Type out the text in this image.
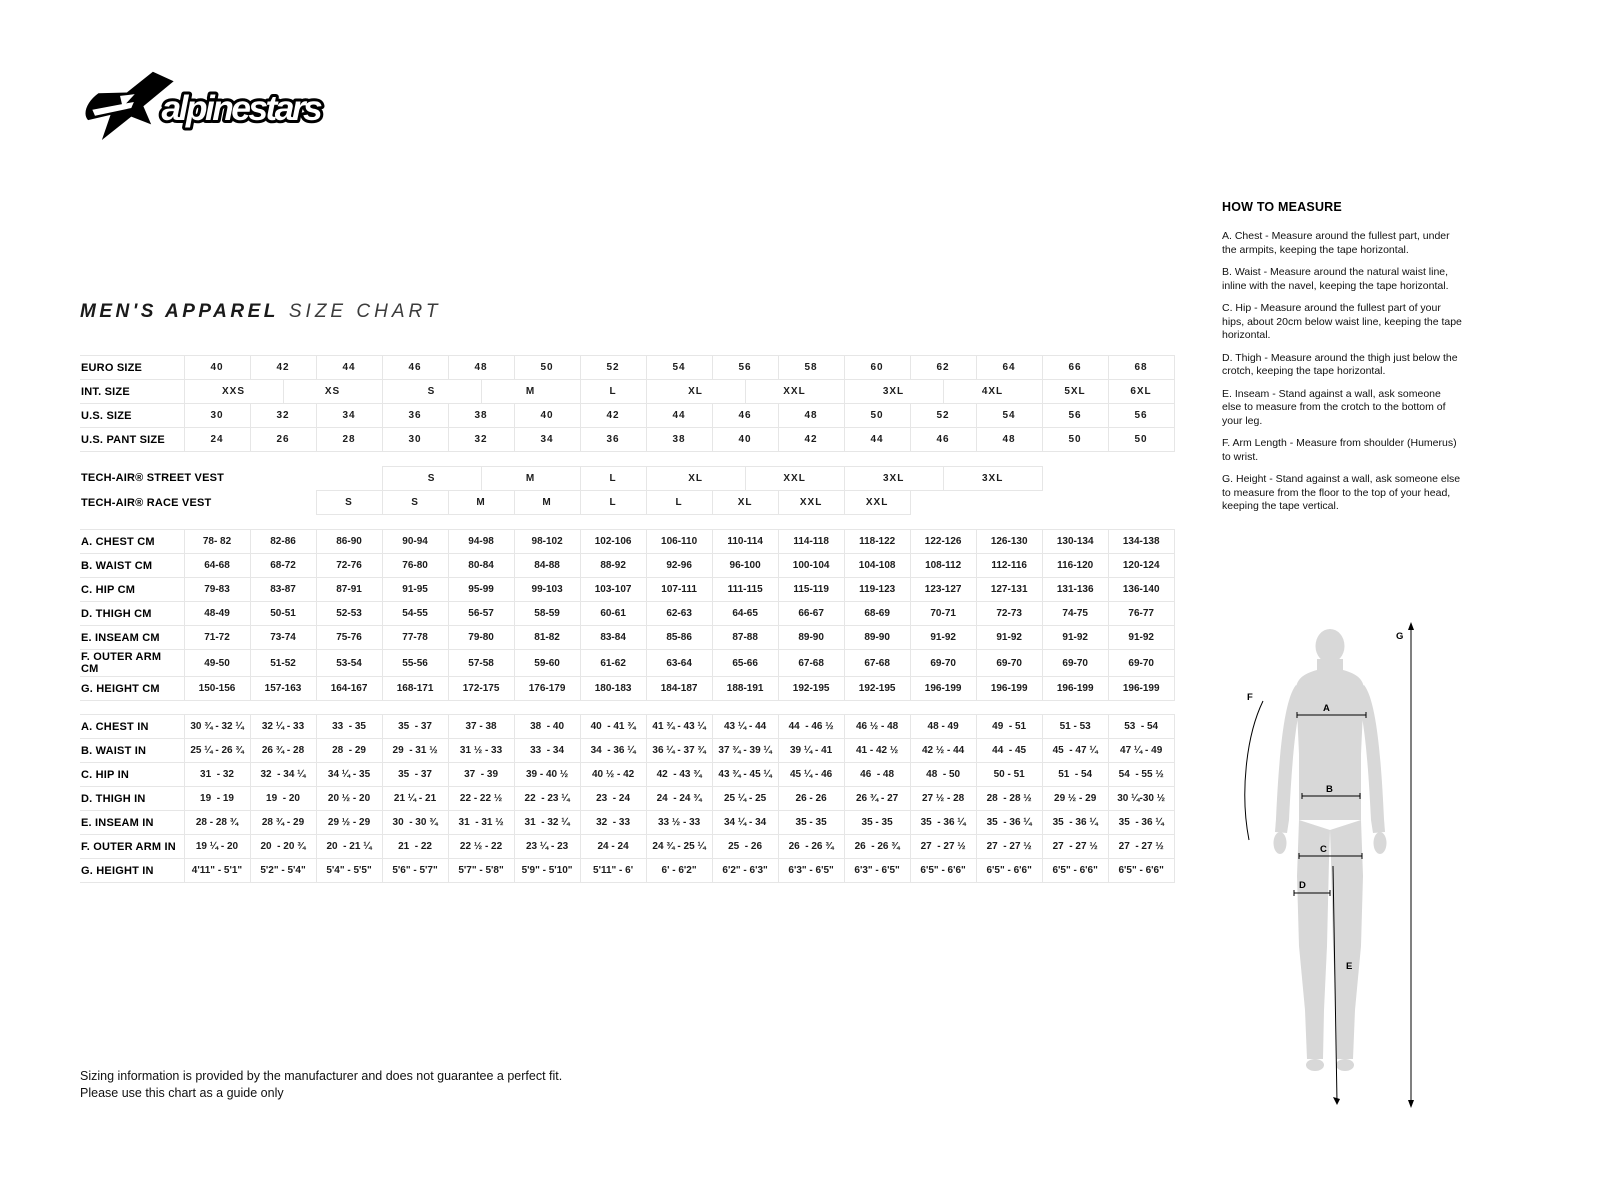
alpinestars
MEN'S APPAREL SIZE CHART
EURO SIZE	40	42		44	46	48		50	52	54	56		58	60	62		64	66	68
INT. SIZE	XXS		XS		S		M		L	XL		XXL		3XL		4XL		5XL	6XL
U.S. SIZE	30	32		34	36	38		40	42	44	46		48	50	52		54	56	56
U.S. PANT SIZE	24	26		28	30	32		34	36	38	40		42	44	46		48	50	50
TECH-AIR® STREET VEST		S		M		L	XL		XXL		3XL		3XL	
TECH-AIR® RACE VEST	S	S	M		M	L	L	XL		XXL	XXL			
A. CHEST CM	78- 82	82-86	86-90	90-94	94-98	98-102	102-106	106-110	110-114	114-118	118-122	122-126	126-130	130-134	134-138
B. WAIST CM	64-68	68-72	72-76	76-80	80-84	84-88	88-92	92-96	96-100	100-104	104-108	108-112	112-116	116-120	120-124
C. HIP CM	79-83	83-87	87-91	91-95	95-99	99-103	103-107	107-111	111-115	115-119	119-123	123-127	127-131	131-136	136-140
D. THIGH CM	48-49	50-51	52-53	54-55	56-57	58-59	60-61	62-63	64-65	66-67	68-69	70-71	72-73	74-75	76-77
E. INSEAM CM	71-72	73-74	75-76	77-78	79-80	81-82	83-84	85-86	87-88	89-90	89-90	91-92	91-92	91-92	91-92
F. OUTER ARM CM	49-50	51-52	53-54	55-56	57-58	59-60	61-62	63-64	65-66	67-68	67-68	69-70	69-70	69-70	69-70
G. HEIGHT CM	150-156	157-163	164-167	168-171	172-175	176-179	180-183	184-187	188-191	192-195	192-195	196-199	196-199	196-199	196-199
A. CHEST IN	30 ¾ - 32 ¼	32 ¼ - 33	33  - 35	35  - 37	37 - 38	38  - 40	40  - 41 ¾	41 ¾ - 43 ¼	43 ¼ - 44	44  - 46 ½	46 ½ - 48	48 - 49	49  - 51	51 - 53	53  - 54
B. WAIST IN	25 ¼ - 26 ¾	26 ¾ - 28	28  - 29	29  - 31 ½	31 ½ - 33	33  - 34	34  - 36 ¼	36 ¼ - 37 ¾	37 ¾ - 39 ¼	39 ¼ - 41	41 - 42 ½	42 ½ - 44	44  - 45	45  - 47 ¼	47 ¼ - 49
C. HIP IN	31  - 32	32  - 34 ¼	34 ¼ - 35	35  - 37	37  - 39	39 - 40 ½	40 ½ - 42	42  - 43 ¾	43 ¾ - 45 ¼	45 ¼ - 46	46  - 48	48  - 50	50 - 51	51  - 54	54  - 55 ½
D. THIGH IN	19  - 19	19  - 20	20 ½ - 20	21 ¼ - 21	22 - 22 ½	22  - 23 ¼	23  - 24	24  - 24 ¾	25 ¼ - 25	26 - 26	26 ¾ - 27	27 ½ - 28	28  - 28 ½	29 ½ - 29	30 ¼-30 ½
E. INSEAM IN	28 - 28 ¾	28 ¾ - 29	29 ½ - 29	30  - 30 ¾	31  - 31 ½	31  - 32 ¼	32  - 33	33 ½ - 33	34 ¼ - 34	35 - 35	35 - 35	35  - 36 ¼	35  - 36 ¼	35  - 36 ¼	35  - 36 ¼
F. OUTER ARM IN	19 ¼ - 20	20  - 20 ¾	20  - 21 ¼	21  - 22	22 ½ - 22	23 ¼ - 23	24 - 24	24 ¾ - 25 ¼	25  - 26	26  - 26 ¾	26  - 26 ¾	27  - 27 ½	27  - 27 ½	27  - 27 ½	27  - 27 ½
G. HEIGHT IN	4'11" - 5'1"	5'2" - 5'4"	5'4" - 5'5"	5'6" - 5'7"	5'7" - 5'8"	5'9" - 5'10"	5'11" - 6'	6' - 6'2"	6'2" - 6'3"	6'3" - 6'5"	6'3" - 6'5"	6'5" - 6'6"	6'5" - 6'6"	6'5" - 6'6"	6'5" - 6'6"
HOW TO MEASURE

A. Chest - Measure around the fullest part, under the armpits, keeping the tape horizontal.

B. Waist - Measure around the natural waist line, inline with the navel, keeping the tape horizontal.

C. Hip - Measure around the fullest part of your hips, about 20cm below waist line, keeping the tape horizontal.

D. Thigh - Measure around the thigh just below the crotch, keeping the tape horizontal.

E. Inseam - Stand against a wall, ask someone else to measure from the crotch to the bottom of your leg.

F. Arm Length - Measure from shoulder (Humerus) to wrist.

G. Height - Stand against a wall, ask someone else to measure from the floor to the top of your head, keeping the tape vertical.

A
B
C
D
E
F
G
Sizing information is provided by the manufacturer and does not guarantee a perfect fit.
Please use this chart as a guide only
